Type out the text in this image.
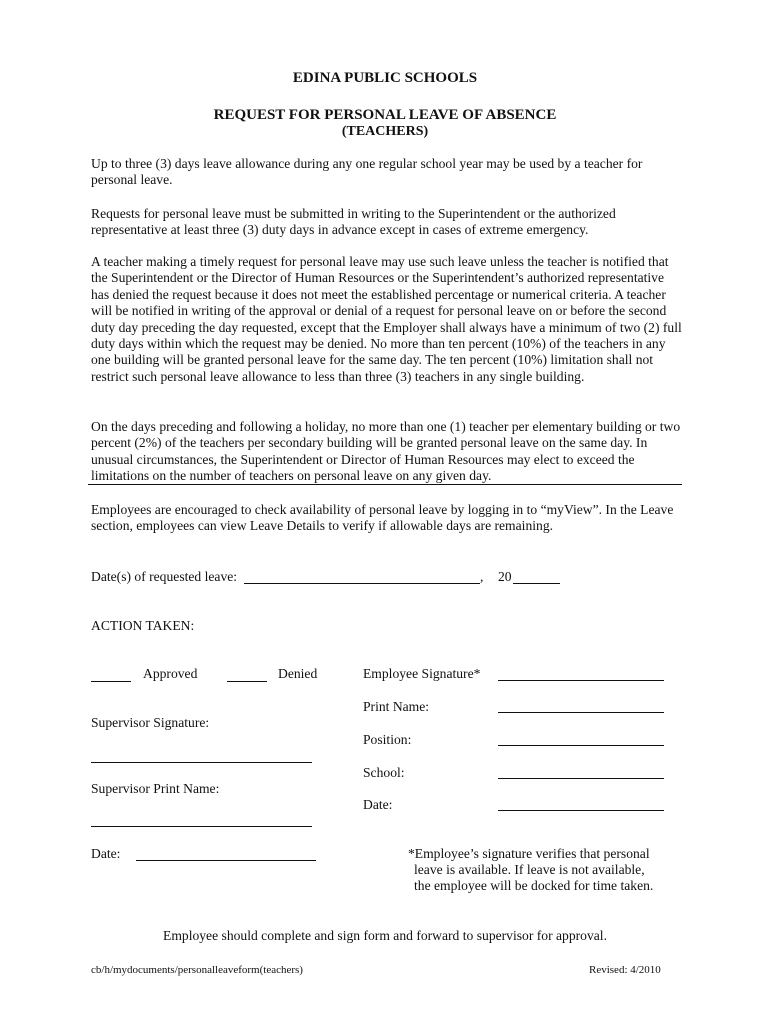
EDINA PUBLIC SCHOOLS
REQUEST FOR PERSONAL LEAVE OF ABSENCE
(TEACHERS)
Up to three (3) days leave allowance during any one regular school year may be used by a teacher for personal leave.
Requests for personal leave must be submitted in writing to the Superintendent or the authorized representative at least three (3) duty days in advance except in cases of extreme emergency.
A teacher making a timely request for personal leave may use such leave unless the teacher is notified that the Superintendent or the Director of Human Resources or the Superintendent’s authorized representative has denied the request because it does not meet the established percentage or numerical criteria. A teacher will be notified in writing of the approval or denial of a request for personal leave on or before the second duty day preceding the day requested, except that the Employer shall always have a minimum of two (2) full duty days within which the request may be denied. No more than ten percent (10%) of the teachers in any one building will be granted personal leave for the same day. The ten percent (10%) limitation shall not restrict such personal leave allowance to less than three (3) teachers in any single building.
On the days preceding and following a holiday, no more than one (1) teacher per elementary building or two percent (2%) of the teachers per secondary building will be granted personal leave on the same day. In unusual circumstances, the Superintendent or Director of Human Resources may elect to exceed the limitations on the number of teachers on personal leave on any given day.
Employees are encouraged to check availability of personal leave by logging in to “myView”. In the Leave section, employees can view Leave Details to verify if allowable days are remaining.
Date(s) of requested leave:	, 20
ACTION TAKEN:
Approved	Denied
Supervisor Signature:
Supervisor Print Name:
Date:
Employee Signature*
Print Name:
Position:
School:
Date:
*Employee’s signature verifies that personal
leave is available. If leave is not available,
the employee will be docked for time taken.
Employee should complete and sign form and forward to supervisor for approval.
cb/h/mydocuments/personalleaveform(teachers)	Revised: 4/2010
